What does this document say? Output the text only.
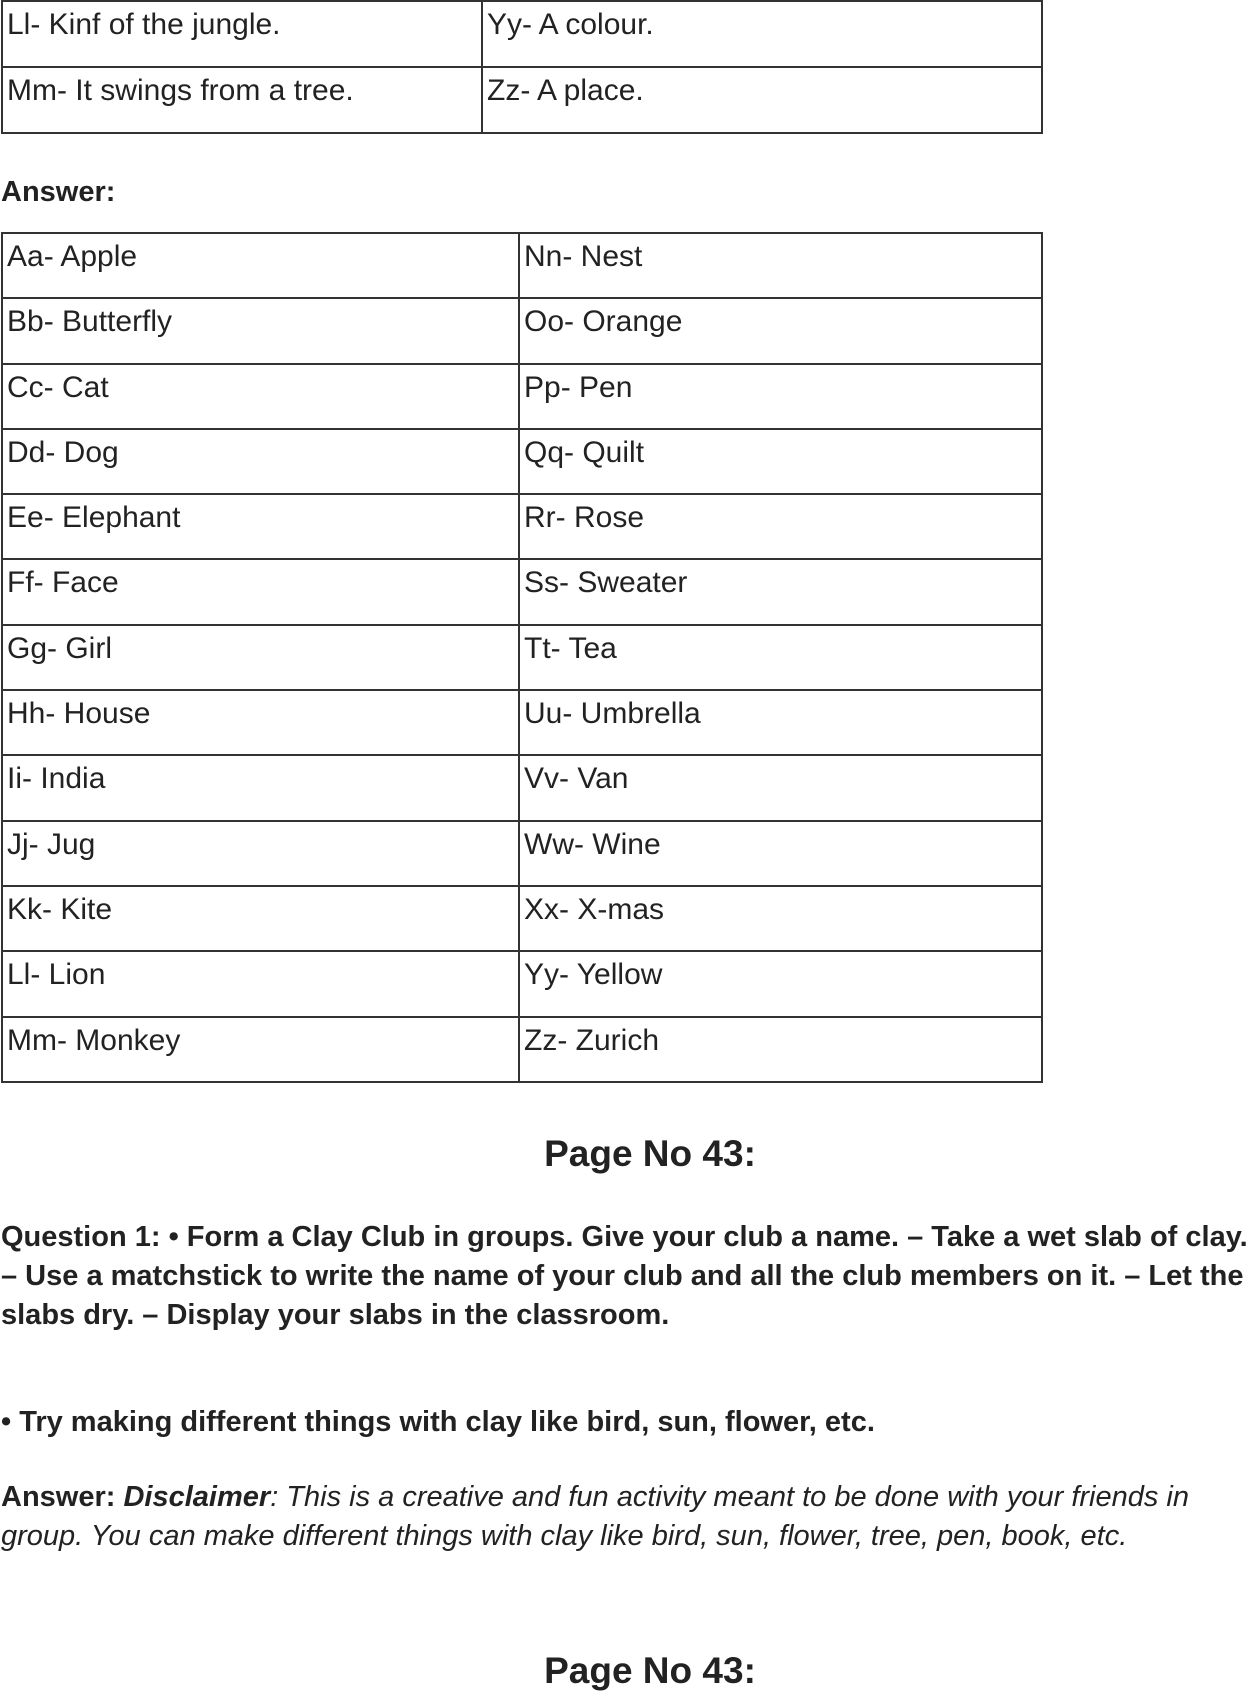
Ll- Kinf of the jungle.	Yy- A colour.
Mm- It swings from a tree.	Zz- A place.
Answer:
Aa- Apple	Nn- Nest
Bb- Butterfly	Oo- Orange
Cc- Cat	Pp- Pen
Dd- Dog	Qq- Quilt
Ee- Elephant	Rr- Rose
Ff- Face	Ss- Sweater
Gg- Girl	Tt- Tea
Hh- House	Uu- Umbrella
Ii- India	Vv- Van
Jj- Jug	Ww- Wine
Kk- Kite	Xx- X-mas
Ll- Lion	Yy- Yellow
Mm- Monkey	Zz- Zurich
Page No 43:
Question 1: • Form a Clay Club in groups. Give your club a name. – Take a wet slab of clay. – Use a matchstick to write the name of your club and all the club members on it. – Let the slabs dry. – Display your slabs in the classroom.
• Try making different things with clay like bird, sun, flower, etc.
Answer: Disclaimer: This is a creative and fun activity meant to be done with your friends in group. You can make different things with clay like bird, sun, flower, tree, pen, book, etc.
Page No 43:
